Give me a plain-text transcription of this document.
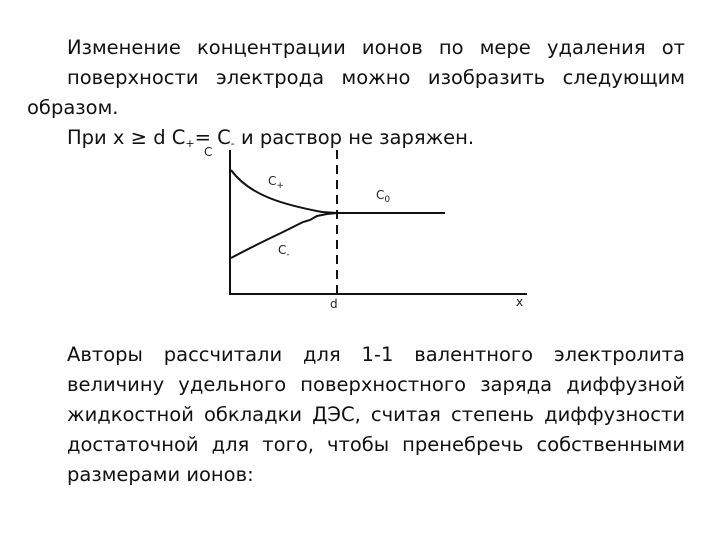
Изменение концентрации ионов по мере удаления от
поверхности электрода можно изобразить следующим образом.
При x ≥ d $C_+= C_-$ и раствор не заряжен.

C
$C_+$
$C_0$
$C_-$
d	x

Авторы рассчитали для 1-1 валентного электролита
величину удельного поверхностного заряда диффузной
жидкостной обкладки ДЭС, считая степень диффузности
достаточной для того, чтобы пренебречь собственными
размерами ионов:
